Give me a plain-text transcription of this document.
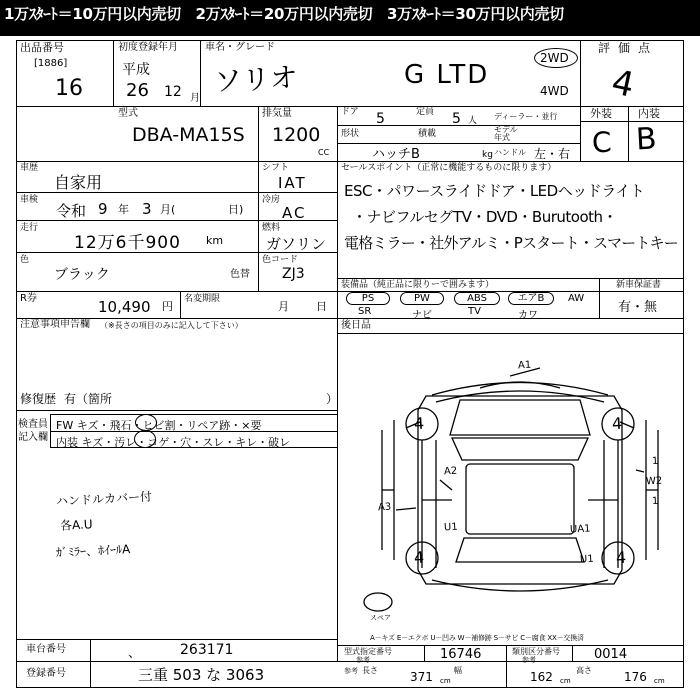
1万ｽﾀｰﾄ＝10万円以内売切　2万ｽﾀｰﾄ＝20万円以内売切　3万ｽﾀｰﾄ＝30万円以内売切
出品番号
[1886]
16
初度登録年月
平成
26 12 月
車名・グレード
ソリオ	G LTD
2WD
4WD
評価点
4
外装 内装
C B
型式
DBA-MA15S
排気量
1200
CC
ドア 5	定員 5 人 ディーラー・並行
形状
ハッチB
積載
kg
モデル年式
ハンドル 左・右
車歴
自家用
車検
令和 9 年 3 月(	日)
走行
12万6千900 km
色
ブラック	色替
シフト
IAT
冷房
AC
燃料
ガソリン
色コード
ZJ3
R券	10,490 円
名変期限
月 日
セールスポイント（正常に機能するものに限ります）
ESC・パワースライドドア・LEDヘッドライト
・ナビフルセグTV・DVD・Burutooth・
電格ミラー・社外アルミ・Pスタート・スマートキー
装備品（純正品に限りーで囲みます）	新車保証書
有・無
PS	PW	ABS	エアB	AW
SR	ナビ	TV	カワ
後日品
注意事項申告欄 （※長さの項目のみに記入して下さい）
修復歴 有（箇所	）
検査員
記入欄
FW キズ・飛石・ヒビ割・リペア跡・×要
内装 キズ・汚レ・コゲ・穴・スレ・キレ・破レ
ハンドルカバー付
各A.U
ｶﾞﾐﾗｰ、ﾎｲｰﾙA
A1
A2
A3
U1	UA1
U1
W2
1
1
4	4
4	4
スペア
A－キズ E－エクボ U－凹み W－補修跡 S－サビ C－腐食 XX－交換済
車台番号	、	263171
登録番号	三重 503 な 3063
型式指定番号
参考	16746	類別区分番号
参考	0014
参考 長さ	371 cm
幅	162 cm
高さ	176 cm
